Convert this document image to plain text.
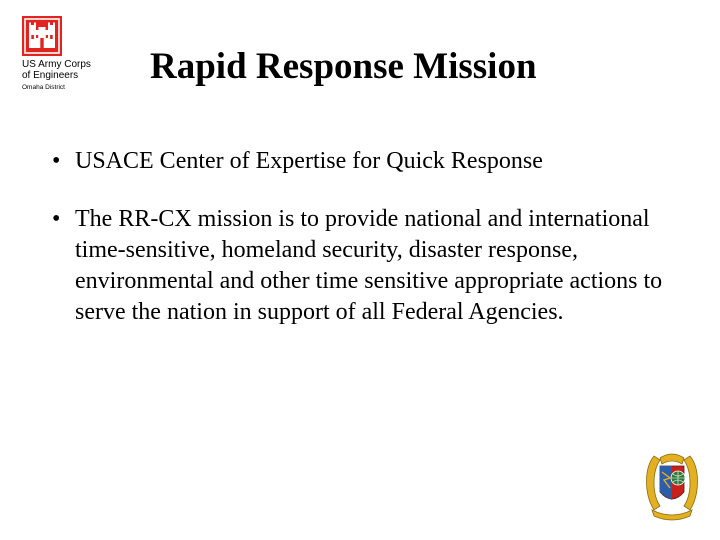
US Army Corps
of Engineers
Omaha District
Rapid Response Mission
• USACE Center of Expertise for Quick Response
• The RR-CX mission is to provide national and international time-sensitive, homeland security, disaster response, environmental and other time sensitive appropriate actions to serve the nation in support of all Federal Agencies.
